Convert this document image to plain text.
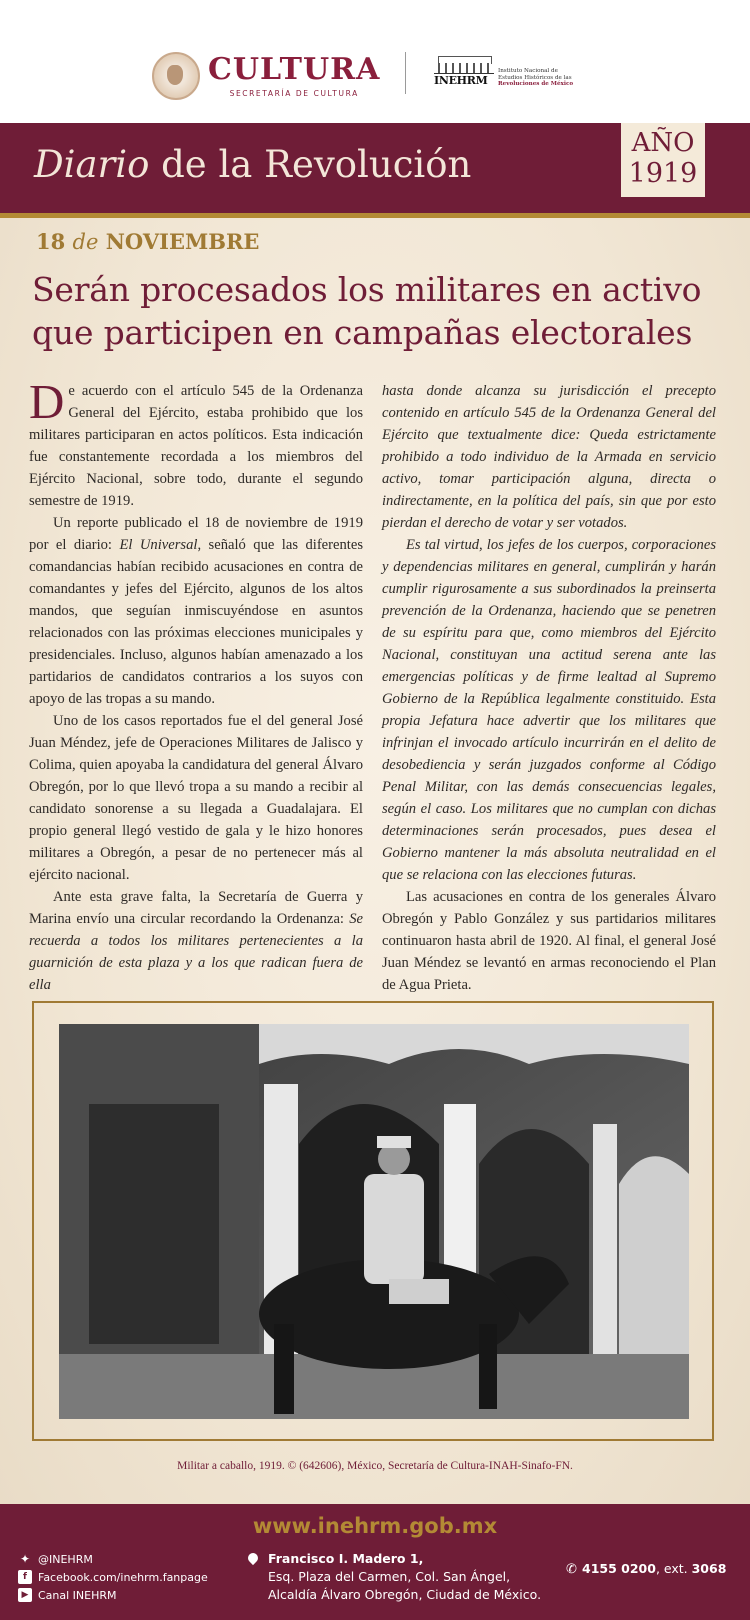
CULTURA
SECRETARÍA DE CULTURA
INEHRM
Instituto Nacional de
Estudios Históricos de las
Revoluciones de México
Diario de la Revolución	AÑO
1919
18 de NOVIEMBRE
Serán procesados los militares en activo que participen en campañas electorales

De acuerdo con el artículo 545 de la Ordenanza General del Ejército, estaba prohibido que los militares participaran en actos políticos. Esta indicación fue constantemente recordada a los miembros del Ejército Nacional, sobre todo, durante el segundo semestre de 1919.

Un reporte publicado el 18 de noviembre de 1919 por el diario: El Universal, señaló que las diferentes comandancias habían recibido acusaciones en contra de comandantes y jefes del Ejército, algunos de los altos mandos, que seguían inmiscuyéndose en asuntos relacionados con las próximas elecciones municipales y presidenciales. Incluso, algunos habían amenazado a los partidarios de candidatos contrarios a los suyos con apoyo de las tropas a su mando.

Uno de los casos reportados fue el del general José Juan Méndez, jefe de Operaciones Militares de Jalisco y Colima, quien apoyaba la candidatura del general Álvaro Obregón, por lo que llevó tropa a su mando a recibir al candidato sonorense a su llegada a Guadalajara. El propio general llegó vestido de gala y le hizo honores militares a Obregón, a pesar de no pertenecer más al ejército nacional.

Ante esta grave falta, la Secretaría de Guerra y Marina envío una circular recordando la Ordenanza: Se recuerda a todos los militares pertenecientes a la guarnición de esta plaza y a los que radican fuera de ella

hasta donde alcanza su jurisdicción el precepto contenido en artículo 545 de la Ordenanza General del Ejército que textualmente dice: Queda estrictamente prohibido a todo individuo de la Armada en servicio activo, tomar participación alguna, directa o indirectamente, en la política del país, sin que por esto pierdan el derecho de votar y ser votados.

Es tal virtud, los jefes de los cuerpos, corporaciones y dependencias militares en general, cumplirán y harán cumplir rigurosamente a sus subordinados la preinserta prevención de la Ordenanza, haciendo que se penetren de su espíritu para que, como miembros del Ejército Nacional, constituyan una actitud serena ante las emergencias políticas y de firme lealtad al Supremo Gobierno de la República legalmente constituido. Esta propia Jefatura hace advertir que los militares que infrinjan el invocado artículo incurrirán en el delito de desobediencia y serán juzgados conforme al Código Penal Militar, con las demás consecuencias legales, según el caso. Los militares que no cumplan con dichas determinaciones serán procesados, pues desea el Gobierno mantener la más absoluta neutralidad en el que se relaciona con las elecciones futuras.

Las acusaciones en contra de los generales Álvaro Obregón y Pablo González y sus partidarios militares continuaron hasta abril de 1920. Al final, el general José Juan Méndez se levantó en armas reconociendo el Plan de Agua Prieta.

Militar a caballo, 1919. © (642606), México, Secretaría de Cultura-INAH-Sinafo-FN.
www.inehrm.gob.mx
✦ @INEHRM
f	Facebook.com/inehrm.fanpage
▶ Canal INEHRM
Francisco I. Madero 1,
Esq. Plaza del Carmen, Col. San Ángel,
Alcaldía Álvaro Obregón, Ciudad de México.
✆ 4155 0200, ext. 3068
